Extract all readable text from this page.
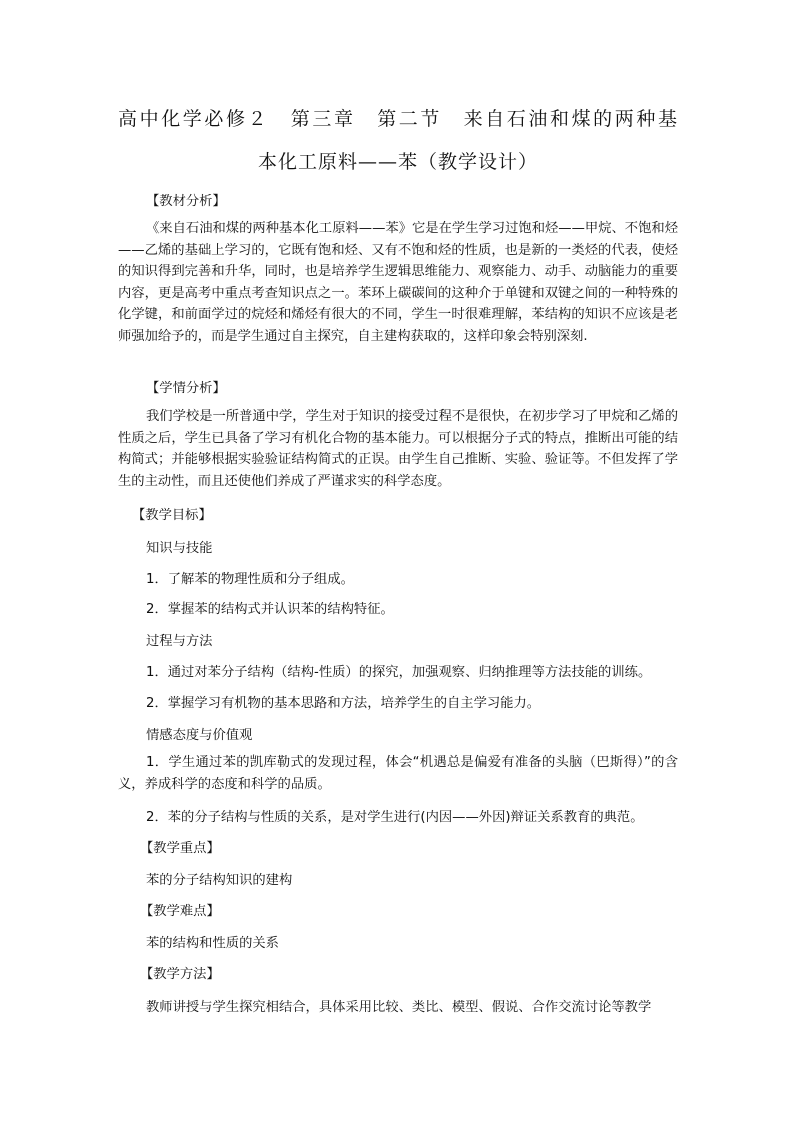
高中化学必修２　第三章　第二节　来自石油和煤的两种基
本化工原料——苯（教学设计）
【教材分析】

《来自石油和煤的两种基本化工原料——苯》它是在学生学习过饱和烃——甲烷、不饱和烃——乙烯的基础上学习的，它既有饱和烃、又有不饱和烃的性质，也是新的一类烃的代表，使烃的知识得到完善和升华，同时，也是培养学生逻辑思维能力、观察能力、动手、动脑能力的重要内容，更是高考中重点考查知识点之一。苯环上碳碳间的这种介于单键和双键之间的一种特殊的化学键，和前面学过的烷烃和烯烃有很大的不同，学生一时很难理解，苯结构的知识不应该是老师强加给予的，而是学生通过自主探究，自主建构获取的，这样印象会特别深刻.

【学情分析】

我们学校是一所普通中学，学生对于知识的接受过程不是很快，在初步学习了甲烷和乙烯的性质之后，学生已具备了学习有机化合物的基本能力。可以根据分子式的特点，推断出可能的结构简式；并能够根据实验验证结构简式的正误。由学生自己推断、实验、验证等。不但发挥了学生的主动性，而且还使他们养成了严谨求实的科学态度。

【教学目标】

知识与技能

1．了解苯的物理性质和分子组成。

2．掌握苯的结构式并认识苯的结构特征。

过程与方法

1．通过对苯分子结构（结构-性质）的探究，加强观察、归纳推理等方法技能的训练。

2．掌握学习有机物的基本思路和方法，培养学生的自主学习能力。

情感态度与价值观

1．学生通过苯的凯库勒式的发现过程，体会“机遇总是偏爱有准备的头脑（巴斯得）”的含义，养成科学的态度和科学的品质。

2．苯的分子结构与性质的关系，是对学生进行(内因——外因)辩证关系教育的典范。

【教学重点】

苯的分子结构知识的建构

【教学难点】

苯的结构和性质的关系

【教学方法】

教师讲授与学生探究相结合，具体采用比较、类比、模型、假说、合作交流讨论等教学
